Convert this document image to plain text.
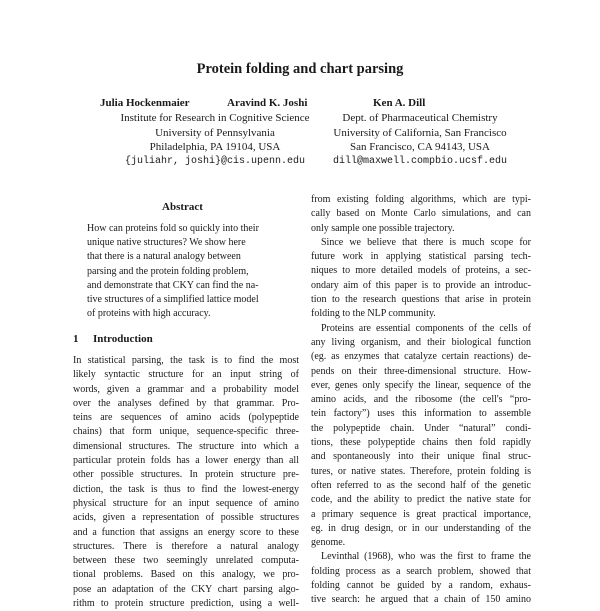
Protein folding and chart parsing
Julia Hockenmaier	Aravind K. Joshi	Ken A. Dill
Institute for Research in Cognitive Science
University of Pennsylvania
Philadelphia, PA 19104, USA
{juliahr, joshi}@cis.upenn.edu
Dept. of Pharmaceutical Chemistry
University of California, San Francisco
San Francisco, CA 94143, USA
dill@maxwell.compbio.ucsf.edu
Abstract
How can proteins fold so quickly into their
unique native structures? We show here
that there is a natural analogy between
parsing and the protein folding problem,
and demonstrate that CKY can find the na-
tive structures of a simplified lattice model
of proteins with high accuracy.
1 Introduction
In statistical parsing, the task is to find the most
likely syntactic structure for an input string of
words, given a grammar and a probability model
over the analyses defined by that grammar. Pro-
teins are sequences of amino acids (polypeptide
chains) that form unique, sequence-specific three-
dimensional structures. The structure into which a
particular protein folds has a lower energy than all
other possible structures. In protein structure pre-
diction, the task is thus to find the lowest-energy
physical structure for an input sequence of amino
acids, given a representation of possible structures
and a function that assigns an energy score to these
structures. There is therefore a natural analogy
between these two seemingly unrelated computa-
tional problems. Based on this analogy, we pro-
pose an adaptation of the CKY chart parsing algo-
rithm to protein structure prediction, using a well-
from existing folding algorithms, which are typi-
cally based on Monte Carlo simulations, and can
only sample one possible trajectory.
Since we believe that there is much scope for
future work in applying statistical parsing tech-
niques to more detailed models of proteins, a sec-
ondary aim of this paper is to provide an introduc-
tion to the research questions that arise in protein
folding to the NLP community.
Proteins are essential components of the cells of
any living organism, and their biological function
(eg. as enzymes that catalyze certain reactions) de-
pends on their three-dimensional structure. How-
ever, genes only specify the linear, sequence of the
amino acids, and the ribosome (the cell's “pro-
tein factory”) uses this information to assemble
the polypeptide chain. Under “natural” condi-
tions, these polypeptide chains then fold rapidly
and spontaneously into their unique final struc-
tures, or native states. Therefore, protein folding is
often referred to as the second half of the genetic
code, and the ability to predict the native state for
a primary sequence is great practical importance,
eg. in drug design, or in our understanding of the
genome.
Levinthal (1968), who was the first to frame the
folding process as a search problem, showed that
folding cannot be guided by a random, exhaus-
tive search: he argued that a chain of 150 amino
